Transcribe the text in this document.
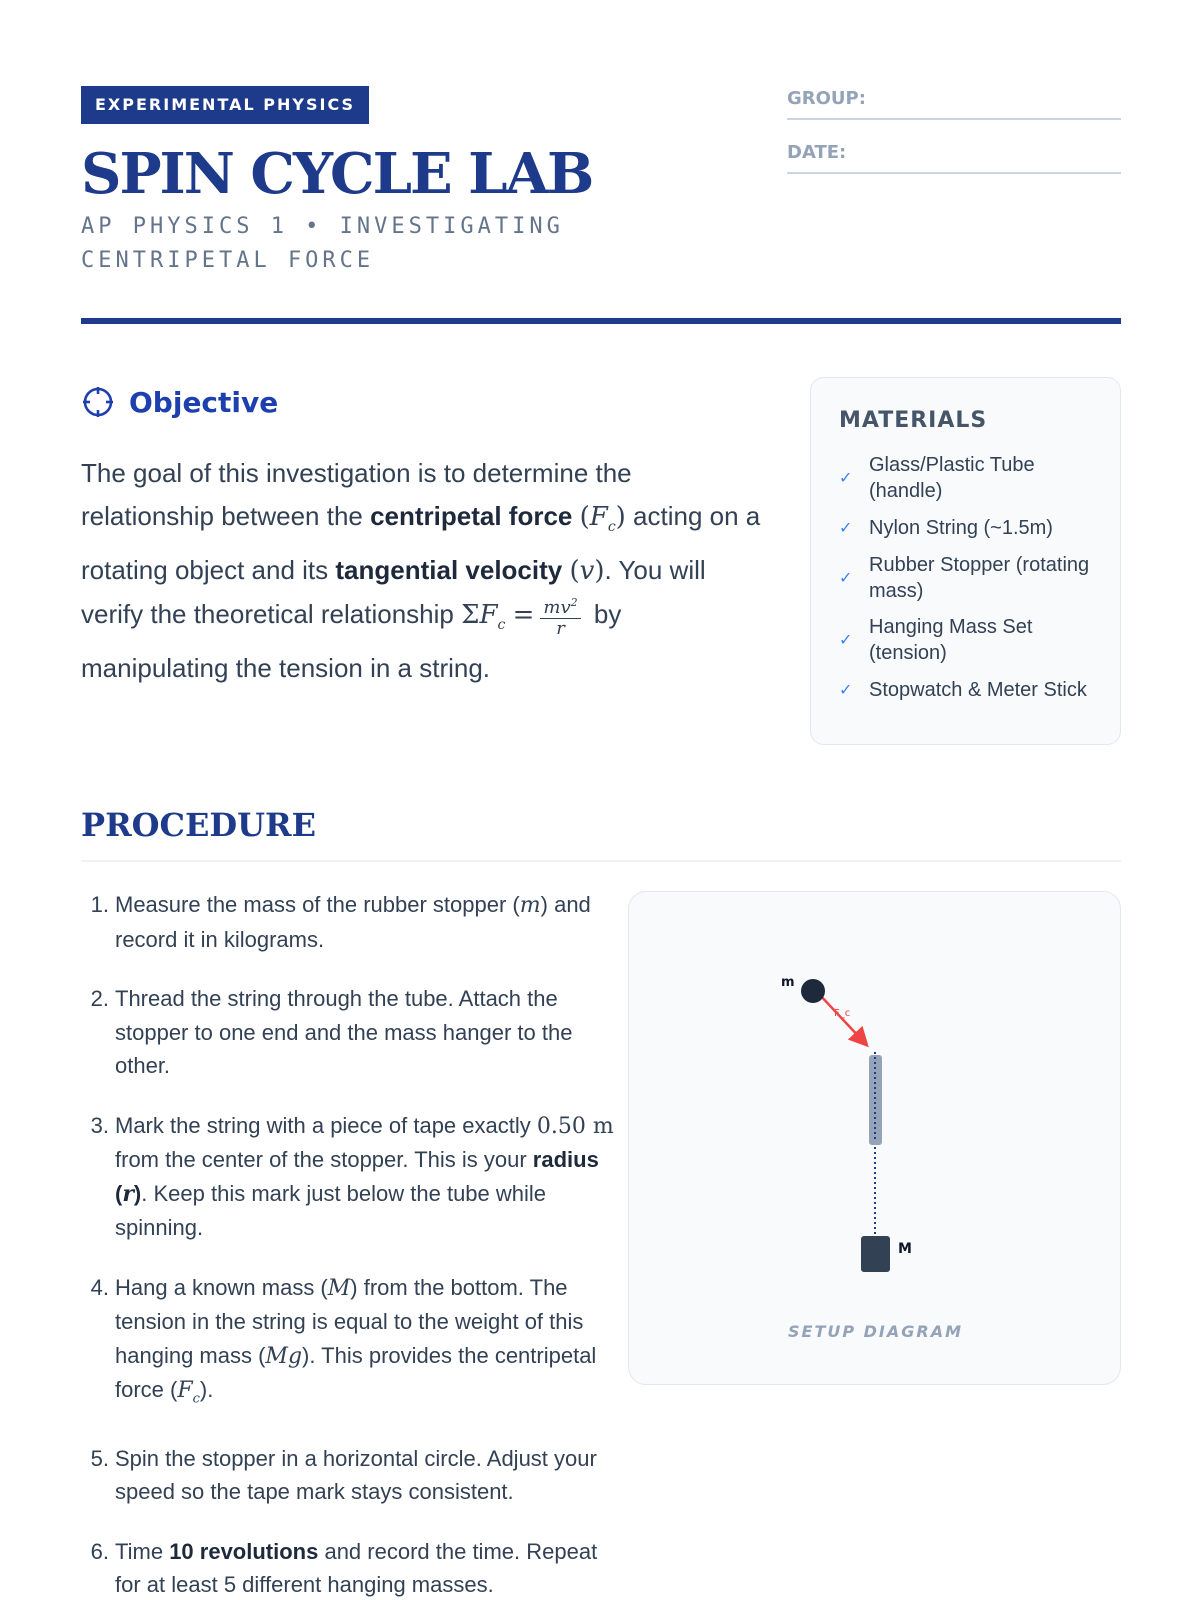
EXPERIMENTAL PHYSICS
SPIN CYCLE LAB
AP PHYSICS 1 • INVESTIGATING CENTRIPETAL FORCE
GROUP:
DATE:
Objective

The goal of this investigation is to determine the relationship between the centripetal force $(F_c)$ acting on a rotating object and its tangential velocity (v). You will verify the theoretical relationship $\Sigma F_c = \frac{mv^2}{r}$ by manipulating the tension in a string.

MATERIALS
✓
Glass/Plastic Tube (handle)
✓ Nylon String (~1.5m)
✓
Rubber Stopper (rotating mass)
✓
Hanging Mass Set (tension)
✓ Stopwatch & Meter Stick
PROCEDURE
1. Measure the mass of the rubber stopper (m) and record it in kilograms.
2. Thread the string through the tube. Attach the stopper to one end and the mass hanger to the other.
3. Mark the string with a piece of tape exactly 0.50 m from the center of the stopper. This is your radius (r). Keep this mark just below the tube while spinning.
4. Hang a known mass (M) from the bottom. The tension in the string is equal to the weight of this hanging mass (Mg). This provides the centripetal force $(F_c)$.
5. Spin the stopper in a horizontal circle. Adjust your speed so the tape mark stays consistent.
6. Time 10 revolutions and record the time. Repeat for at least 5 different hanging masses.
m
F_c
M
SETUP DIAGRAM
